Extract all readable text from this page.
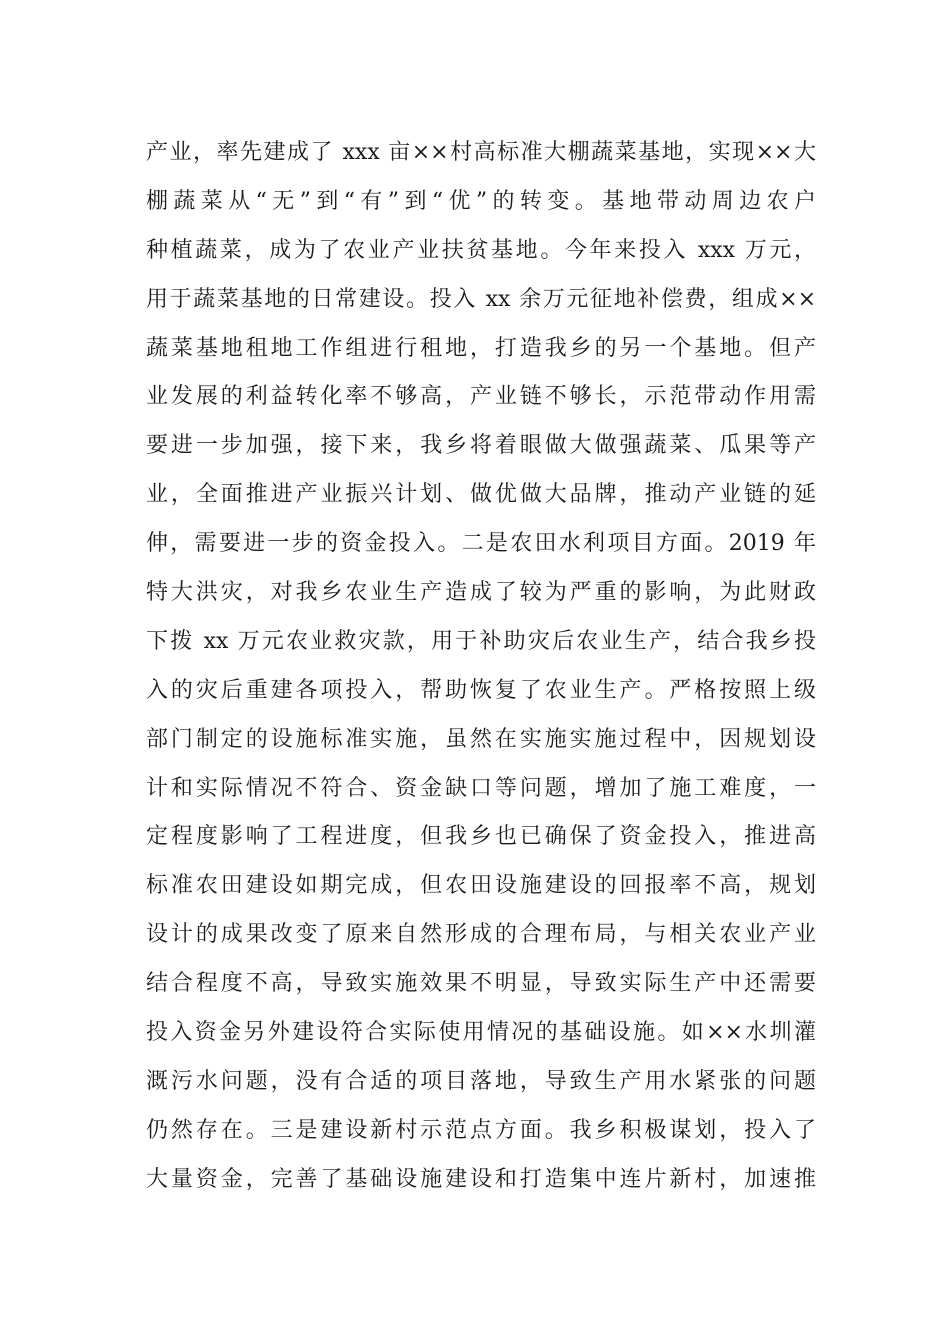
产业，率先建成了 xxx 亩××村高标准大棚蔬菜基地，实现××大
棚蔬菜从“无”到“有”到“优”的转变。基地带动周边农户
种植蔬菜，成为了农业产业扶贫基地。今年来投入 xxx 万元，
用于蔬菜基地的日常建设。投入 xx 余万元征地补偿费，组成××
蔬菜基地租地工作组进行租地，打造我乡的另一个基地。但产
业发展的利益转化率不够高，产业链不够长，示范带动作用需
要进一步加强，接下来，我乡将着眼做大做强蔬菜、瓜果等产
业，全面推进产业振兴计划、做优做大品牌，推动产业链的延
伸，需要进一步的资金投入。二是农田水利项目方面。2019 年
特大洪灾，对我乡农业生产造成了较为严重的影响，为此财政
下拨 xx 万元农业救灾款，用于补助灾后农业生产，结合我乡投
入的灾后重建各项投入，帮助恢复了农业生产。严格按照上级
部门制定的设施标准实施，虽然在实施实施过程中，因规划设
计和实际情况不符合、资金缺口等问题，增加了施工难度，一
定程度影响了工程进度，但我乡也已确保了资金投入，推进高
标准农田建设如期完成，但农田设施建设的回报率不高，规划
设计的成果改变了原来自然形成的合理布局，与相关农业产业
结合程度不高，导致实施效果不明显，导致实际生产中还需要
投入资金另外建设符合实际使用情况的基础设施。如××水圳灌
溉污水问题，没有合适的项目落地，导致生产用水紧张的问题
仍然存在。三是建设新村示范点方面。我乡积极谋划，投入了
大量资金，完善了基础设施建设和打造集中连片新村，加速推
